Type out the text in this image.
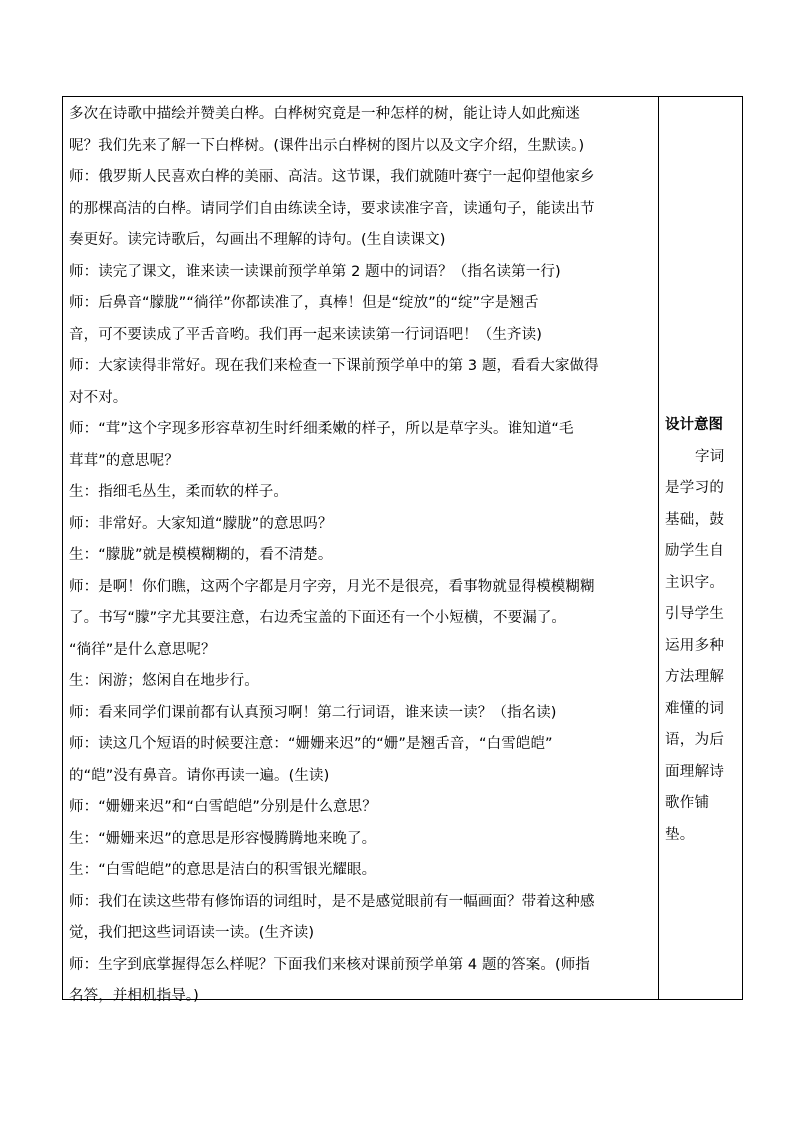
多次在诗歌中描绘并赞美白桦。白桦树究竟是一种怎样的树，能让诗人如此痴迷
呢？我们先来了解一下白桦树。(课件出示白桦树的图片以及文字介绍，生默读。)
师：俄罗斯人民喜欢白桦的美丽、高洁。这节课，我们就随叶赛宁一起仰望他家乡
的那棵高洁的白桦。请同学们自由练读全诗，要求读准字音，读通句子，能读出节
奏更好。读完诗歌后，勾画出不理解的诗句。(生自读课文)
师：读完了课文，谁来读一读课前预学单第 2 题中的词语？（指名读第一行)
师：后鼻音“朦胧”“徜徉”你都读准了，真棒！但是“绽放”的“绽”字是翘舌
音，可不要读成了平舌音哟。我们再一起来读读第一行词语吧！（生齐读)
师：大家读得非常好。现在我们来检查一下课前预学单中的第 3 题，看看大家做得
对不对。
师：“茸”这个字现多形容草初生时纤细柔嫩的样子，所以是草字头。谁知道“毛
茸茸”的意思呢？
生：指细毛丛生，柔而软的样子。
师：非常好。大家知道“朦胧”的意思吗？
生：“朦胧”就是模模糊糊的，看不清楚。
师：是啊！你们瞧，这两个字都是月字旁，月光不是很亮，看事物就显得模模糊糊
了。书写“朦”字尤其要注意，右边秃宝盖的下面还有一个小短横，不要漏了。
“徜徉”是什么意思呢？
生：闲游；悠闲自在地步行。
师：看来同学们课前都有认真预习啊！第二行词语，谁来读一读？（指名读)
师：读这几个短语的时候要注意：“姗姗来迟”的“姗”是翘舌音，“白雪皑皑”
的“皑”没有鼻音。请你再读一遍。(生读)
师：“姗姗来迟”和“白雪皑皑”分别是什么意思？
生：“姗姗来迟”的意思是形容慢腾腾地来晚了。
生：“白雪皑皑”的意思是洁白的积雪银光耀眼。
师：我们在读这些带有修饰语的词组时，是不是感觉眼前有一幅画面？带着这种感
觉，我们把这些词语读一读。(生齐读)
师：生字到底掌握得怎么样呢？下面我们来核对课前预学单第 4 题的答案。(师指
名答，并相机指导。)
设计意图
字词
是学习的
基础，鼓
励学生自
主识字。
引导学生
运用多种
方法理解
难懂的词
语，为后
面理解诗
歌作铺
垫。
